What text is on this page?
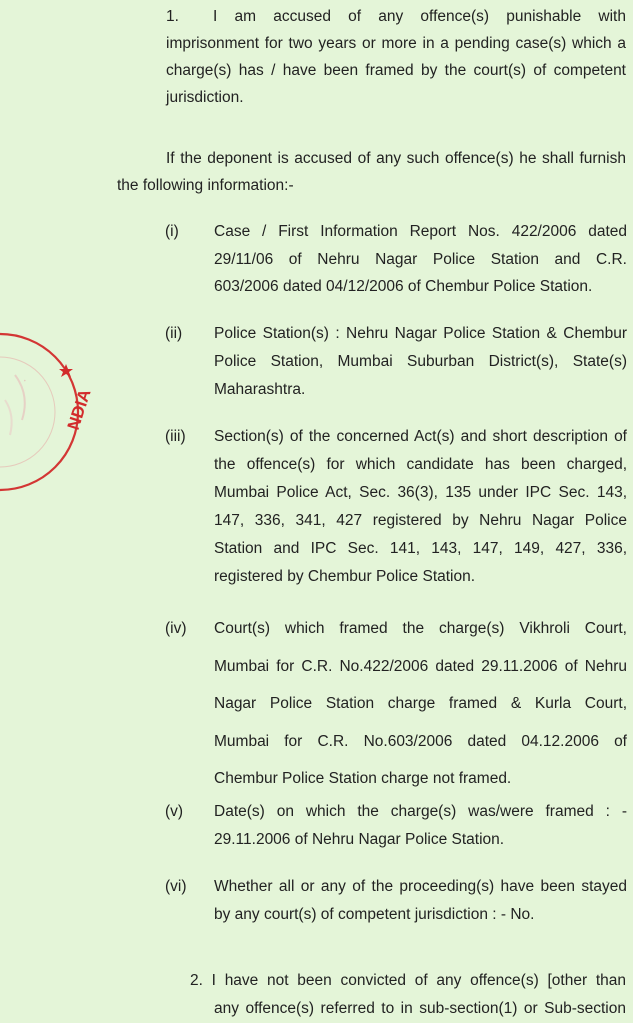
1. I am accused of any offence(s) punishable with
imprisonment for two years or more in a pending case(s) which a
charge(s) has / have been framed by the court(s) of competent
jurisdiction.
If the deponent is accused of any such offence(s) he shall furnish
the following information:-
(i) Case / First Information Report Nos. 422/2006 dated
29/11/06 of Nehru Nagar Police Station and C.R.
603/2006 dated 04/12/2006 of Chembur Police Station.
(ii) Police Station(s) : Nehru Nagar Police Station & Chembur
Police Station, Mumbai Suburban District(s), State(s)
Maharashtra.
(iii) Section(s) of the concerned Act(s) and short description of
the offence(s) for which candidate has been charged,
Mumbai Police Act, Sec. 36(3), 135 under IPC Sec. 143,
147, 336, 341, 427 registered by Nehru Nagar Police
Station and IPC Sec. 141, 143, 147, 149, 427, 336,
registered by Chembur Police Station.
(iv) Court(s) which framed the charge(s) Vikhroli Court,
Mumbai for C.R. No.422/2006 dated 29.11.2006 of Nehru
Nagar Police Station charge framed & Kurla Court,
Mumbai for C.R. No.603/2006 dated 04.12.2006 of
Chembur Police Station charge not framed.
(v) Date(s) on which the charge(s) was/were framed : -
29.11.2006 of Nehru Nagar Police Station.
(vi) Whether all or any of the proceeding(s) have been stayed
by any court(s) of competent jurisdiction : - No.
2. I have not been convicted of any offence(s) [other than
any offence(s) referred to in sub-section(1) or Sub-section
NDIA
·
